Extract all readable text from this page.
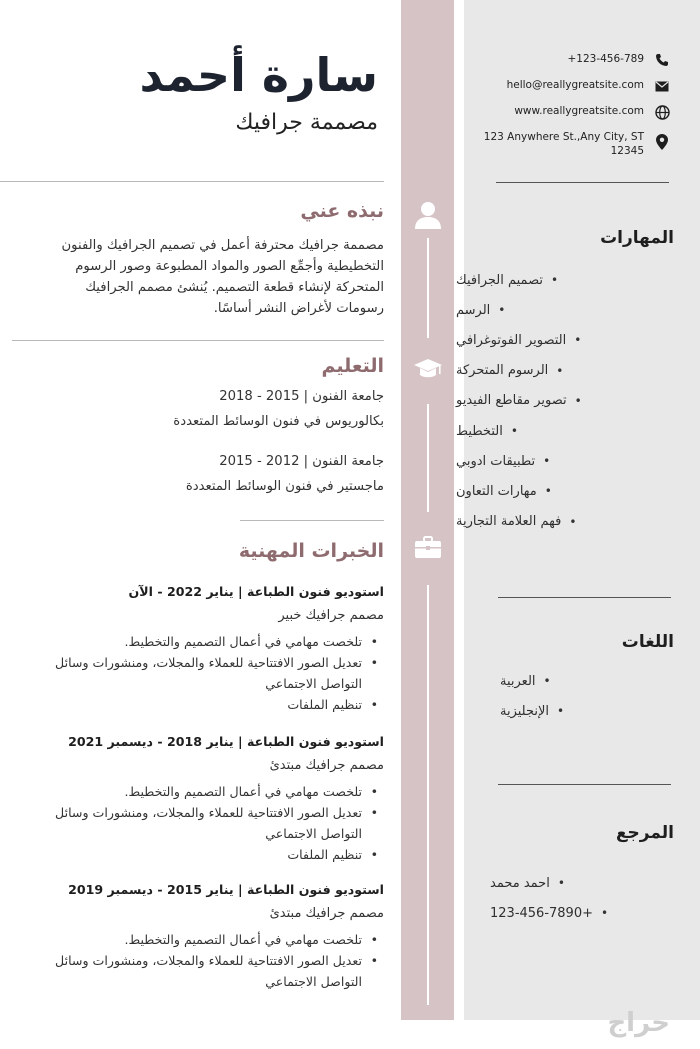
سارة أحمد
مصممة جرافيك
نبذه عني
مصممة جرافيك محترفة أعمل في تصميم الجرافيك والفنون
التخطيطية وأجمِّع الصور والمواد المطبوعة وصور الرسوم
المتحركة لإنشاء قطعة التصميم. يُنشئ مصمم الجرافيك
رسومات لأغراض النشر أساسًا.
التعليم
جامعة الفنون | 2015 - 2018
بكالوريوس في فنون الوسائط المتعددة
جامعة الفنون | 2012 - 2015
ماجستير في فنون الوسائط المتعددة
الخبرات المهنية
استوديو فنون الطباعة | يناير 2022 - الآن
مصمم جرافيك خبير
• تلخصت مهامي في أعمال التصميم والتخطيط.
• تعديل الصور الافتتاحية للعملاء والمجلات، ومنشورات وسائل التواصل الاجتماعي
• تنظيم الملفات
استوديو فنون الطباعة | يناير 2018 - ديسمبر 2021
مصمم جرافيك مبتدئ
• تلخصت مهامي في أعمال التصميم والتخطيط.
• تعديل الصور الافتتاحية للعملاء والمجلات، ومنشورات وسائل التواصل الاجتماعي
• تنظيم الملفات
استوديو فنون الطباعة | يناير 2015 - ديسمبر 2019
مصمم جرافيك مبتدئ
• تلخصت مهامي في أعمال التصميم والتخطيط.
• تعديل الصور الافتتاحية للعملاء والمجلات، ومنشورات وسائل التواصل الاجتماعي
+123-456-789
hello@reallygreatsite.com
www.reallygreatsite.com
123 Anywhere St.,Any City, ST
12345
المهارات
• تصميم الجرافيك
• الرسم
• التصوير الفوتوغرافي
• الرسوم المتحركة
• تصوير مقاطع الفيديو
• التخطيط
• تطبيقات ادوبي
• مهارات التعاون
• فهم العلامة التجارية
اللغات
• العربية
• الإنجليزية
المرجع
• احمد محمد
• +123-456-7890
حراج
